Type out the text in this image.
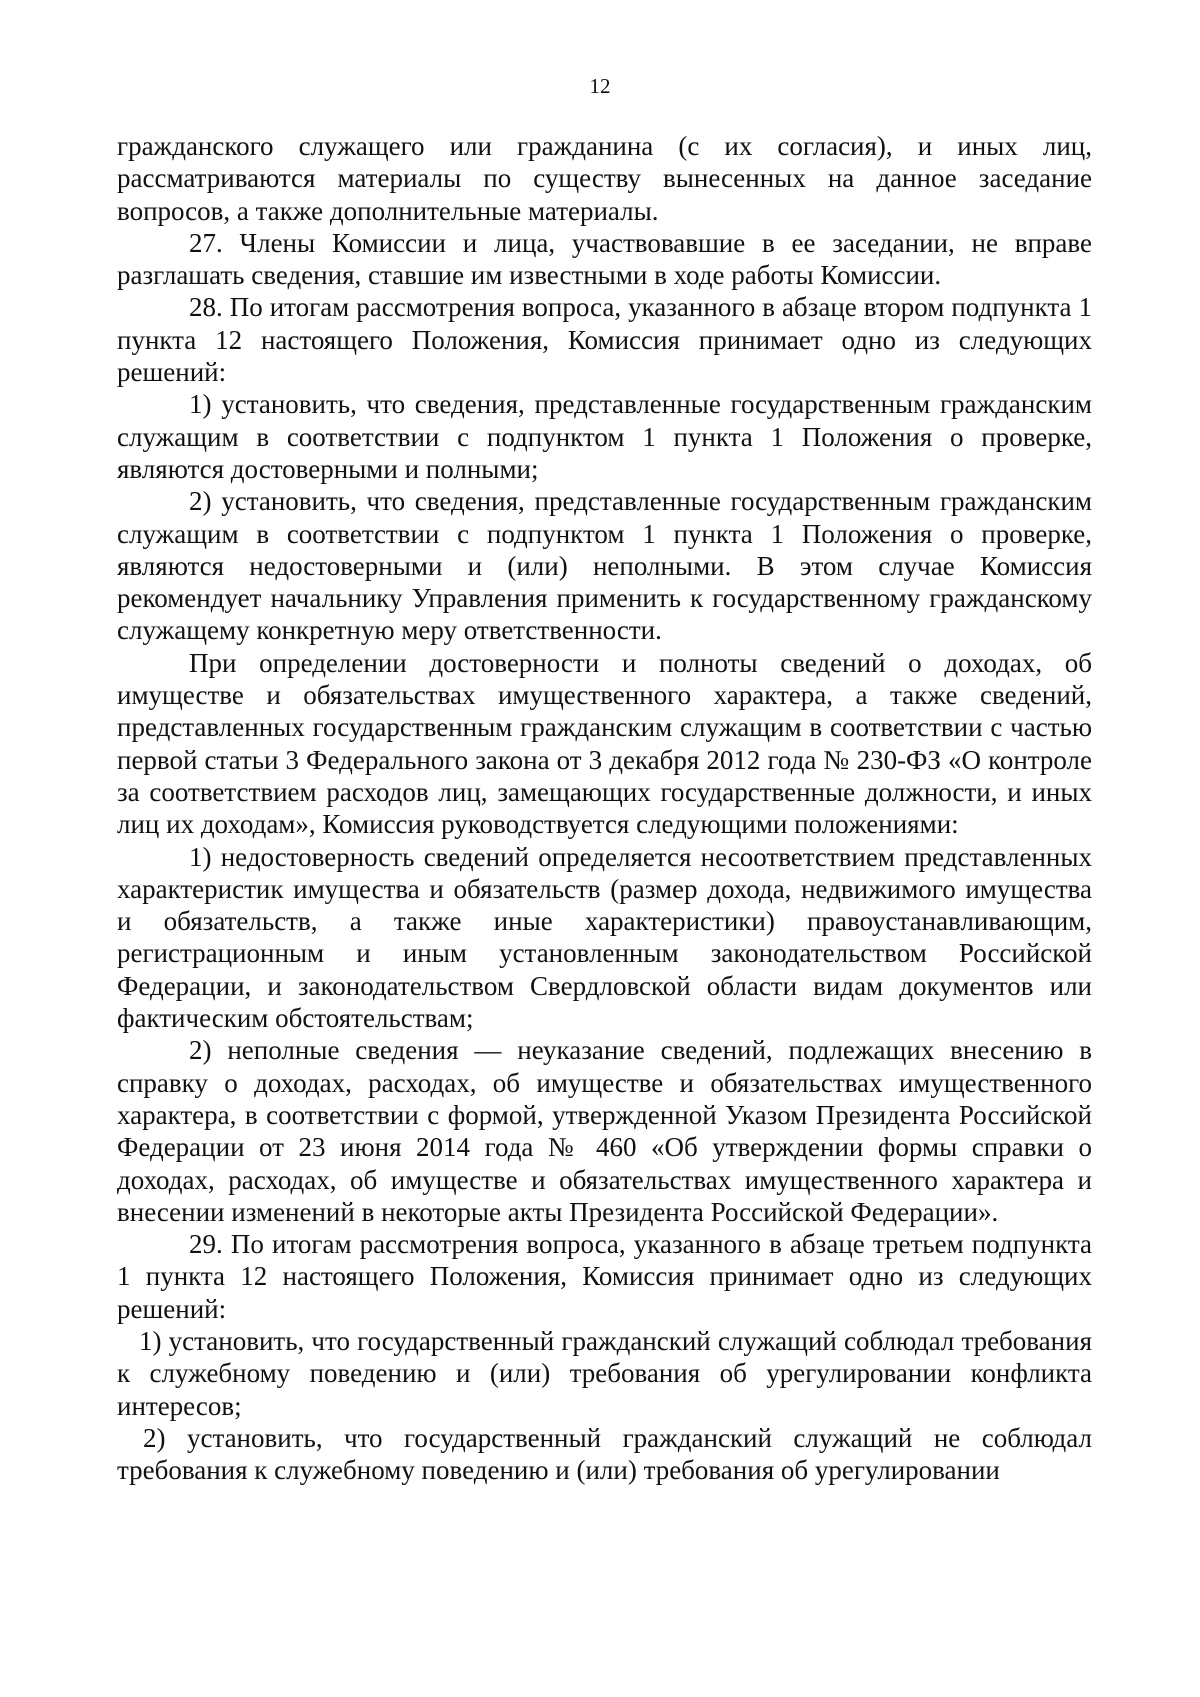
12

гражданского служащего или гражданина (с их согласия), и иных лиц, рассматриваются материалы по существу вынесенных на данное заседание вопросов, а также дополнительные материалы.

27. Члены Комиссии и лица, участвовавшие в ее заседании, не вправе разглашать сведения, ставшие им известными в ходе работы Комиссии.

28. По итогам рассмотрения вопроса, указанного в абзаце втором подпункта 1 пункта 12 настоящего Положения, Комиссия принимает одно из следующих решений:

1) установить, что сведения, представленные государственным гражданским служащим в соответствии с подпунктом 1 пункта 1 Положения о проверке, являются достоверными и полными;

2) установить, что сведения, представленные государственным гражданским служащим в соответствии с подпунктом 1 пункта 1 Положения о проверке, являются недостоверными и (или) неполными. В этом случае Комиссия рекомендует начальнику Управления применить к государственному гражданскому служащему конкретную меру ответственности.

При определении достоверности и полноты сведений о доходах, об имуществе и обязательствах имущественного характера, а также сведений, представленных государственным гражданским служащим в соответствии с частью первой статьи 3 Федерального закона от 3 декабря 2012 года № 230-ФЗ «О контроле за соответствием расходов лиц, замещающих государственные должности, и иных лиц их доходам», Комиссия руководствуется следующими положениями:

1) недостоверность сведений определяется несоответствием представленных характеристик имущества и обязательств (размер дохода, недвижимого имущества и обязательств, а также иные характеристики) правоустанавливающим, регистрационным и иным установленным законодательством Российской Федерации, и законодательством Свердловской области видам документов или фактическим обстоятельствам;

2) неполные сведения — неуказание сведений, подлежащих внесению в справку о доходах, расходах, об имуществе и обязательствах имущественного характера, в соответствии с формой, утвержденной Указом Президента Российской Федерации от 23 июня 2014 года № 460 «Об утверждении формы справки о доходах, расходах, об имуществе и обязательствах имущественного характера и внесении изменений в некоторые акты Президента Российской Федерации».

29. По итогам рассмотрения вопроса, указанного в абзаце третьем подпункта 1 пункта 12 настоящего Положения, Комиссия принимает одно из следующих решений:

1) установить, что государственный гражданский служащий соблюдал требования к служебному поведению и (или) требования об урегулировании конфликта интересов;

2) установить, что государственный гражданский служащий не соблюдал требования к служебному поведению и (или) требования об урегулировании
